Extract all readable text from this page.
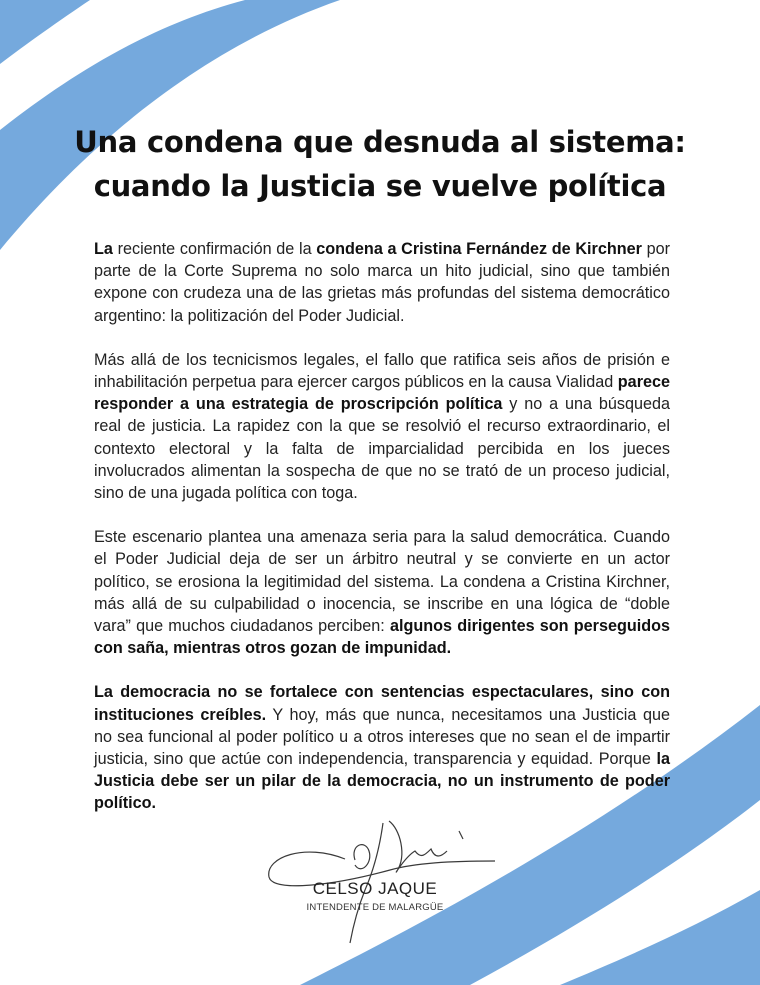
Una condena que desnuda al sistema:
cuando la Justicia se vuelve política

La reciente confirmación de la condena a Cristina Fernández de Kirchner por parte de la Corte Suprema no solo marca un hito judicial, sino que también expone con crudeza una de las grietas más profundas del sistema democrático argentino: la politización del Poder Judicial.

Más allá de los tecnicismos legales, el fallo que ratifica seis años de prisión e inhabilitación perpetua para ejercer cargos públicos en la causa Vialidad parece responder a una estrategia de proscripción política y no a una búsqueda real de justicia. La rapidez con la que se resolvió el recurso extraordinario, el contexto electoral y la falta de imparcialidad percibida en los jueces involucrados alimentan la sospecha de que no se trató de un proceso judicial, sino de una jugada política con toga.

Este escenario plantea una amenaza seria para la salud democrática. Cuando el Poder Judicial deja de ser un árbitro neutral y se convierte en un actor político, se erosiona la legitimidad del sistema. La condena a Cristina Kirchner, más allá de su culpabilidad o inocencia, se inscribe en una lógica de “doble vara” que muchos ciudadanos perciben: algunos dirigentes son perseguidos con saña, mientras otros gozan de impunidad.

La democracia no se fortalece con sentencias espectaculares, sino con instituciones creíbles. Y hoy, más que nunca, necesitamos una Justicia que no sea funcional al poder político u a otros intereses que no sean el de impartir justicia, sino que actúe con independencia, transparencia y equidad. Porque la Justicia debe ser un pilar de la democracia, no un instrumento de poder político.

CELSO JAQUE
INTENDENTE DE MALARGÜE
